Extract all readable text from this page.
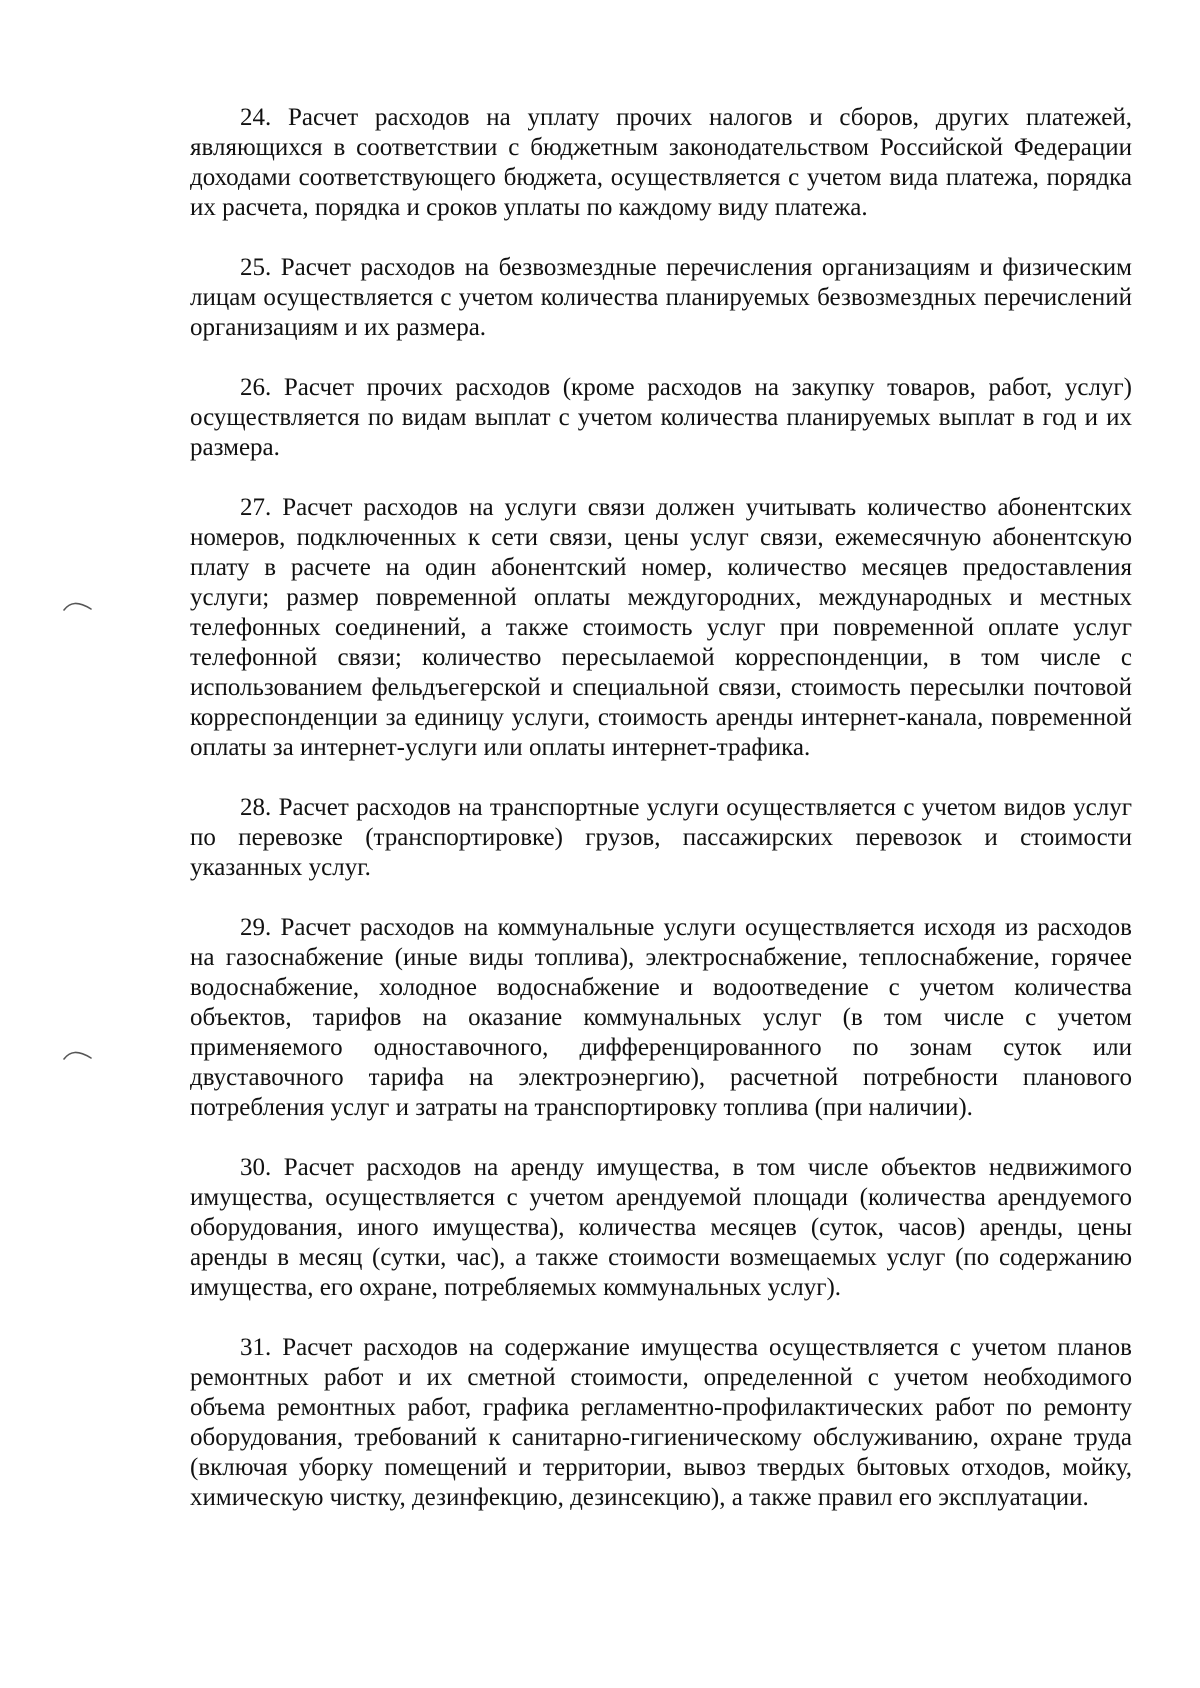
24. Расчет расходов на уплату прочих налогов и сборов, других платежей, являющихся в соответствии с бюджетным законодательством Российской Федерации доходами соответствующего бюджета, осуществляется с учетом вида платежа, порядка их расчета, порядка и сроков уплаты по каждому виду платежа.

25. Расчет расходов на безвозмездные перечисления организациям и физическим лицам осуществляется с учетом количества планируемых безвозмездных перечислений организациям и их размера.

26. Расчет прочих расходов (кроме расходов на закупку товаров, работ, услуг) осуществляется по видам выплат с учетом количества планируемых выплат в год и их размера.

27. Расчет расходов на услуги связи должен учитывать количество абонентских номеров, подключенных к сети связи, цены услуг связи, ежемесячную абонентскую плату в расчете на один абонентский номер, количество месяцев предоставления услуги; размер повременной оплаты междугородних, международных и местных телефонных соединений, а также стоимость услуг при повременной оплате услуг телефонной связи; количество пересылаемой корреспонденции, в том числе с использованием фельдъегерской и специальной связи, стоимость пересылки почтовой корреспонденции за единицу услуги, стоимость аренды интернет-канала, повременной оплаты за интернет-услуги или оплаты интернет-трафика.

28. Расчет расходов на транспортные услуги осуществляется с учетом видов услуг по перевозке (транспортировке) грузов, пассажирских перевозок и стоимости указанных услуг.

29. Расчет расходов на коммунальные услуги осуществляется исходя из расходов на газоснабжение (иные виды топлива), электроснабжение, теплоснабжение, горячее водоснабжение, холодное водоснабжение и водоотведение с учетом количества объектов, тарифов на оказание коммунальных услуг (в том числе с учетом применяемого одноставочного, дифференцированного по зонам суток или двуставочного тарифа на электроэнергию), расчетной потребности планового потребления услуг и затраты на транспортировку топлива (при наличии).

30. Расчет расходов на аренду имущества, в том числе объектов недвижимого имущества, осуществляется с учетом арендуемой площади (количества арендуемого оборудования, иного имущества), количества месяцев (суток, часов) аренды, цены аренды в месяц (сутки, час), а также стоимости возмещаемых услуг (по содержанию имущества, его охране, потребляемых коммунальных услуг).

31. Расчет расходов на содержание имущества осуществляется с учетом планов ремонтных работ и их сметной стоимости, определенной с учетом необходимого объема ремонтных работ, графика регламентно-профилактических работ по ремонту оборудования, требований к санитарно-гигиеническому обслуживанию, охране труда (включая уборку помещений и территории, вывоз твердых бытовых отходов, мойку, химическую чистку, дезинфекцию, дезинсекцию), а также правил его эксплуатации.
